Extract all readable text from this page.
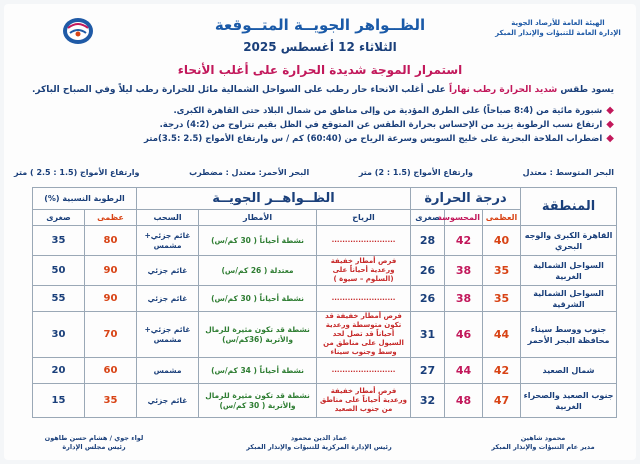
الهيئة العامة للأرصاد الجوية
الإدارة العامة للتنبؤات والإنذار المبكر
الظــواهر الجويــة المتــوقعة
الثلاثاء 12 أغسطس 2025
استمرار الموجة شديدة الحرارة على أغلب الأنحاء
يسود طقس شديد الحرارة رطب نهاراً على أغلب الانحاء حار رطب على السواحل الشمالية مائل للحرارة رطب ليلاً وفي الصباح الباكر.
◆
شبورة مائية من (8:4 صباحاً) على الطرق المؤدية من وإلى مناطق من شمال البلاد حتى القاهرة الكبرى.
◆
ارتفاع نسب الرطوبة يزيد من الإحساس بحرارة الطقس عن المتوقع في الظل بقيم تتراوح من (4:2) درجة.
◆
اضطراب الملاحة البحرية على خليج السويس وسرعة الرياح من (60:40) كم / س وارتفاع الأمواج (2.5 :3.5)متر
البحر المتوسط : معتدل
وارتفاع الأمواج (1.5 : 2) متر
البحر الأحمر: معتدل : مضطرب
وارتفاع الأمواج (1.5 : 2.5 ) متر
المنطقة	درجة الحرارة			الظــواهــر الجويــة			الرطوبة النسبية (%)	
	العظمى	المحسوسة	صغرى	الرياح	الأمطار	السحب	عظمى	صغرى
القاهرة الكبرى والوجه البحري	40	42	28	........................	نشطة أحياناً ( 30 كم/س)	غائم جزئي+ مشمس	80	35
السواحل الشمالية الغربية	35	38	26	فرص أمطار خفيفة ورعدية أحياناً على (السلوم – سيوة )	معتدلة ( 26 كم/س)	غائم جزئي	90	50
السواحل الشمالية الشرقية	35	38	26	........................	نشطة أحياناً ( 30 كم/س)	غائم جزئي	90	55
جنوب ووسط سيناء محافظة البحر الأحمر	44	46	31	فرص أمطار خفيفة قد تكون متوسطة ورعدية أحياناً قد تصل لحد السيول على مناطق من وسط وجنوب سيناء	نشطة قد تكون مثيرة للرمال والأتربة (36كم/س)	غائم جزئي+ مشمس	70	30
شمال الصعيد	42	44	27	........................	نشطة أحياناً ( 34 كم/س)	مشمس	60	20
جنوب الصعيد والصحراء الغربية	47	48	32	فرص أمطار خفيفة ورعدية أحياناً على مناطق من جنوب الصعيد	نشطة قد تكون مثيرة للرمال والأتربة ( 30 كم/س)	غائم جزئي	35	15
محمود شاهين
مدير عام التنبؤات والإنذار المبكر
عماد الدين محمود
رئيس الإدارة المركزية للتنبؤات والإنذار المبكر
لواء جوي / هشام حسن طاهون
رئيس مجلس الإدارة
